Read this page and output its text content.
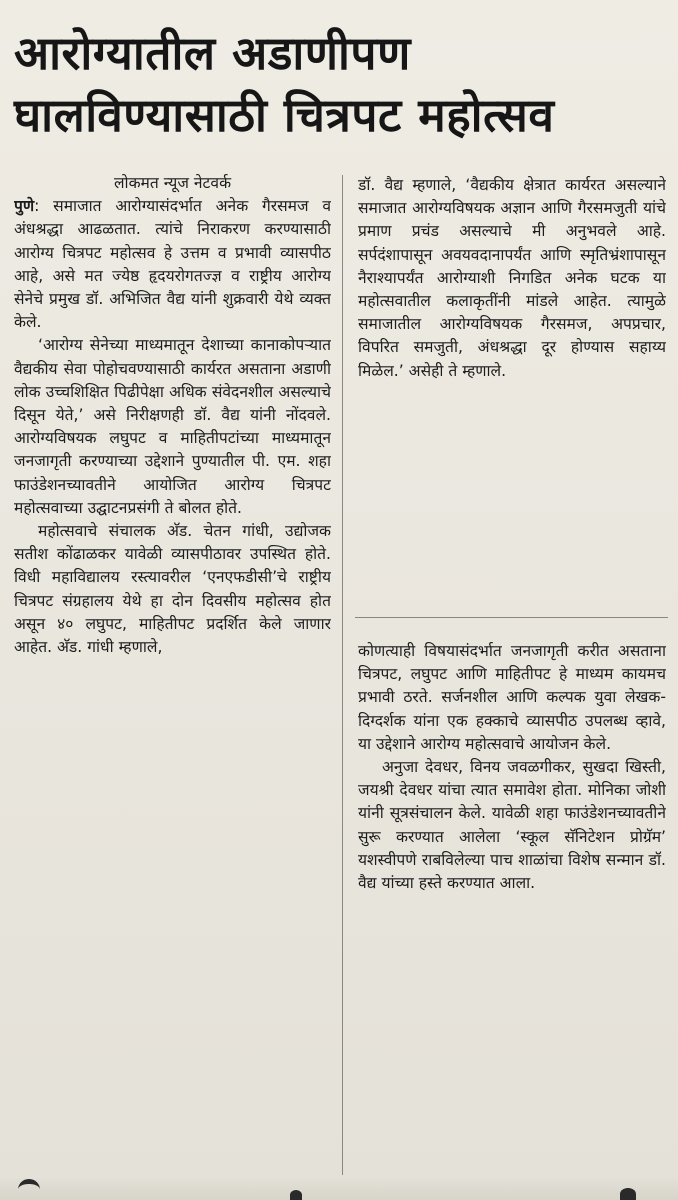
आरोग्यातील अडाणीपण
घालविण्यासाठी चित्रपट महोत्सव
लोकमत न्यूज नेटवर्क

पुणे: समाजात आरोग्यासंदर्भात अनेक गैरसमज व अंधश्रद्धा आढळतात. त्यांचे निराकरण करण्यासाठी आरोग्य चित्रपट महोत्सव हे उत्तम व प्रभावी व्यासपीठ आहे, असे मत ज्येष्ठ हृदयरोगतज्ज्ञ व राष्ट्रीय आरोग्य सेनेचे प्रमुख डॉ. अभिजित वैद्य यांनी शुक्रवारी येथे व्यक्त केले.

‘आरोग्य सेनेच्या माध्यमातून देशाच्या कानाकोपऱ्यात वैद्यकीय सेवा पोहोचवण्यासाठी कार्यरत असताना अडाणी लोक उच्चशिक्षित पिढीपेक्षा अधिक संवेदनशील असल्याचे दिसून येते,’ असे निरीक्षणही डॉ. वैद्य यांनी नोंदवले. आरोग्यविषयक लघुपट व माहितीपटांच्या माध्यमातून जनजागृती करण्याच्या उद्देशाने पुण्यातील पी. एम. शहा फाउंडेशनच्यावतीने आयोजित आरोग्य चित्रपट महोत्सवाच्या उद्घाटनप्रसंगी ते बोलत होते.

महोत्सवाचे संचालक अ‍ॅड. चेतन गांधी, उद्योजक सतीश कोंढाळकर यावेळी व्यासपीठावर उपस्थित होते. विधी महाविद्यालय रस्त्यावरील ‘एनएफडीसी’चे राष्ट्रीय चित्रपट संग्रहालय येथे हा दोन दिवसीय महोत्सव होत असून ४० लघुपट, माहितीपट प्रदर्शित केले जाणार आहेत. अ‍ॅड. गांधी म्हणाले,

डॉ. वैद्य म्हणाले, ‘वैद्यकीय क्षेत्रात कार्यरत असल्याने समाजात आरोग्यविषयक अज्ञान आणि गैरसमजुती यांचे प्रमाण प्रचंड असल्याचे मी अनुभवले आहे. सर्पदंशापासून अवयवदानापर्यंत आणि स्मृतिभ्रंशापासून नैराश्यापर्यंत आरोग्याशी निगडित अनेक घटक या महोत्सवातील कलाकृतींनी मांडले आहेत. त्यामुळे समाजातील आरोग्यविषयक गैरसमज, अपप्रचार, विपरित समजुती, अंधश्रद्धा दूर होण्यास सहाय्य मिळेल.’ असेही ते म्हणाले.

कोणत्याही विषयासंदर्भात जनजागृती करीत असताना चित्रपट, लघुपट आणि माहितीपट हे माध्यम कायमच प्रभावी ठरते. सर्जनशील आणि कल्पक युवा लेखक-दिग्दर्शक यांना एक हक्काचे व्यासपीठ उपलब्ध व्हावे, या उद्देशाने आरोग्य महोत्सवाचे आयोजन केले.

अनुजा देवधर, विनय जवळगीकर, सुखदा खिस्ती, जयश्री देवधर यांचा त्यात समावेश होता. मोनिका जोशी यांनी सूत्रसंचालन केले. यावेळी शहा फाउंडेशनच्यावतीने सुरू करण्यात आलेला ‘स्कूल सॅनिटेशन प्रोग्रॅम’ यशस्वीपणे राबविलेल्या पाच शाळांचा विशेष सन्मान डॉ. वैद्य यांच्या हस्ते करण्यात आला.
